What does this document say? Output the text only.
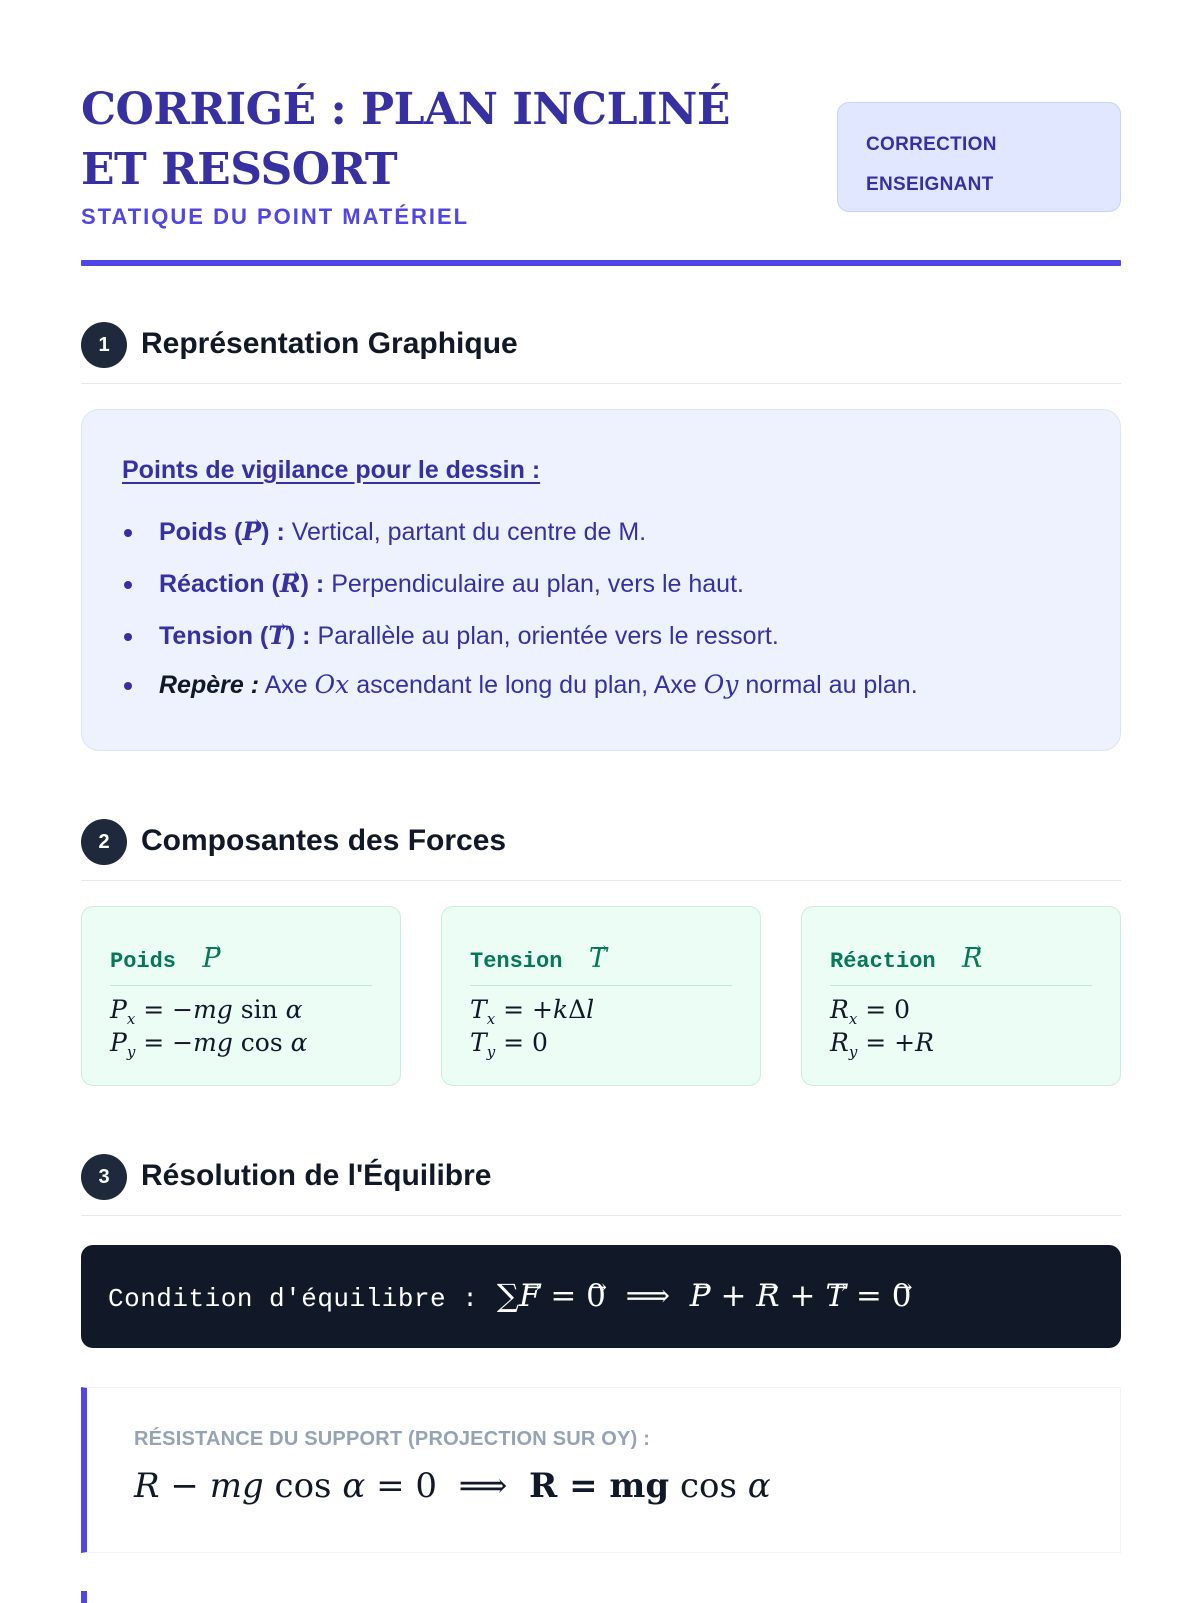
CORRIGÉ : PLAN INCLINÉ ET RESSORT
STATIQUE DU POINT MATÉRIEL
CORRECTION
ENSEIGNANT
1	Représentation Graphique
Points de vigilance pour le dessin :
Poids (→ P) : Vertical, partant du centre de M.
Réaction (→ R) : Perpendiculaire au plan, vers le haut.
Tension (→ T) : Parallèle au plan, orientée vers le ressort.
Repère : Axe Ox ascendant le long du plan, Axe Oy normal au plan.
2	Composantes des Forces
Poids → P
$P_x = -mg$ sin α
$P_y = -mg$ cos α
Tension → T
$T_x = +k\Delta l$
$T_y = 0$
Réaction → R
$R_x = 0$
$R_y = +R$
3	Résolution de l'Équilibre
Condition d'équilibre : ∑→ F = → 0  ⟹  → P + → R + → T = → 0
RÉSISTANCE DU SUPPORT (PROJECTION SUR OY) :
R − mg cos α = 0  ⟹  R = mg cos α
